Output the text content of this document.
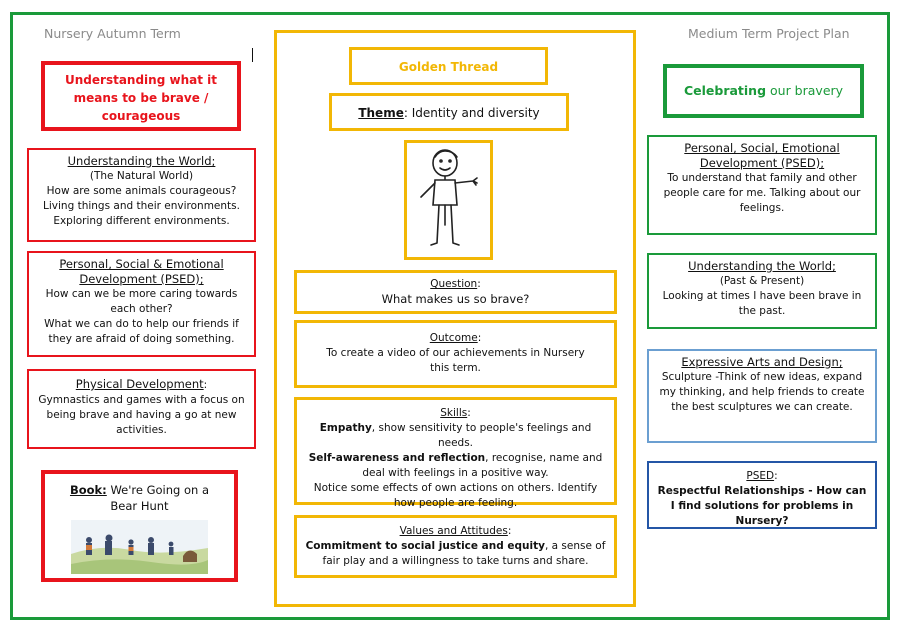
Nursery Autumn Term	Medium Term Project Plan
Understanding what it means to be brave / courageous
Understanding the World;
(The Natural World)
How are some animals courageous?
Living things and their environments.
Exploring different environments.
Personal, Social & Emotional Development (PSED);
How can we be more caring towards each other?
What we can do to help our friends if they are afraid of doing something.
Physical Development:
Gymnastics and games with a focus on being brave and having a go at new activities.
Book: We're Going on a Bear Hunt
Golden Thread
Theme: Identity and diversity
Question:
What makes us so brave?
Outcome:
To create a video of our achievements in Nursery this term.
Skills:
Empathy, show sensitivity to people's feelings and needs.
Self-awareness and reflection, recognise, name and deal with feelings in a positive way.
Notice some effects of own actions on others. Identify how people are feeling.
Values and Attitudes:
Commitment to social justice and equity, a sense of fair play and a willingness to take turns and share.
Celebrating our bravery
Personal, Social, Emotional Development (PSED);
To understand that family and other people care for me. Talking about our feelings.
Understanding the World;
(Past & Present)
Looking at times I have been brave in the past.
Expressive Arts and Design;
Sculpture -Think of new ideas, expand my thinking, and help friends to create the best sculptures we can create.
PSED:
Respectful Relationships - How can I find solutions for problems in Nursery?
